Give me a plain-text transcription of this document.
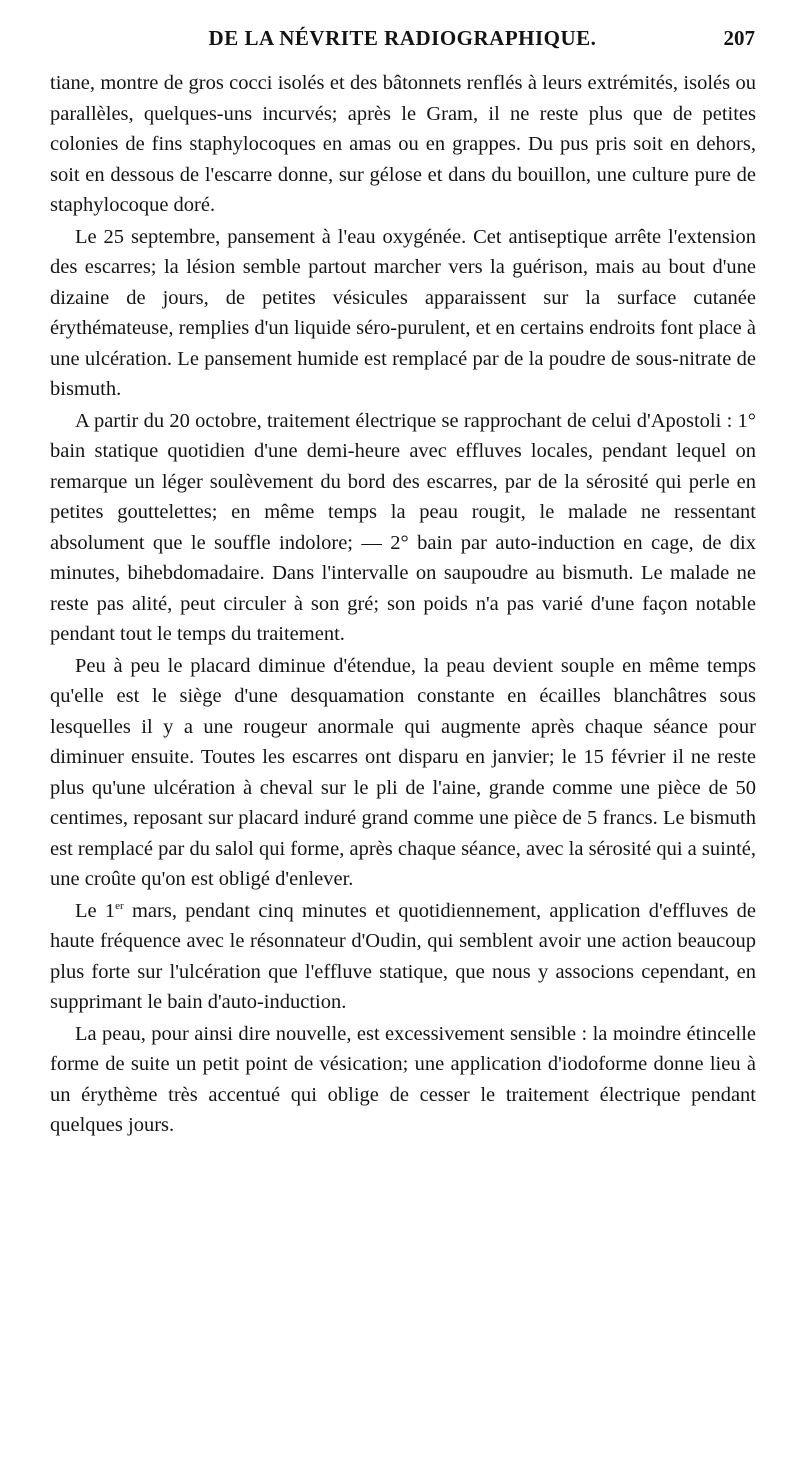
DE LA NÉVRITE RADIOGRAPHIQUE.	207

tiane, montre de gros cocci isolés et des bâtonnets renflés à leurs extrémités, isolés ou parallèles, quelques-uns incurvés; après le Gram, il ne reste plus que de petites colonies de fins staphylocoques en amas ou en grappes. Du pus pris soit en dehors, soit en dessous de l'escarre donne, sur gélose et dans du bouillon, une culture pure de staphylocoque doré.

Le 25 septembre, pansement à l'eau oxygénée. Cet antiseptique arrête l'extension des escarres; la lésion semble partout marcher vers la guérison, mais au bout d'une dizaine de jours, de petites vésicules apparaissent sur la surface cutanée érythémateuse, remplies d'un liquide séro-purulent, et en certains endroits font place à une ulcération. Le pansement humide est remplacé par de la poudre de sous-nitrate de bismuth.

A partir du 20 octobre, traitement électrique se rapprochant de celui d'Apostoli : 1° bain statique quotidien d'une demi-heure avec effluves locales, pendant lequel on remarque un léger soulèvement du bord des escarres, par de la sérosité qui perle en petites gouttelettes; en même temps la peau rougit, le malade ne ressentant absolument que le souffle indolore; — 2° bain par auto-induction en cage, de dix minutes, bihebdomadaire. Dans l'intervalle on saupoudre au bismuth. Le malade ne reste pas alité, peut circuler à son gré; son poids n'a pas varié d'une façon notable pendant tout le temps du traitement.

Peu à peu le placard diminue d'étendue, la peau devient souple en même temps qu'elle est le siège d'une desquamation constante en écailles blanchâtres sous lesquelles il y a une rougeur anormale qui augmente après chaque séance pour diminuer ensuite. Toutes les escarres ont disparu en janvier; le 15 février il ne reste plus qu'une ulcération à cheval sur le pli de l'aine, grande comme une pièce de 50 centimes, reposant sur placard induré grand comme une pièce de 5 francs. Le bismuth est remplacé par du salol qui forme, après chaque séance, avec la sérosité qui a suinté, une croûte qu'on est obligé d'enlever.

Le 1er mars, pendant cinq minutes et quotidiennement, application d'effluves de haute fréquence avec le résonnateur d'Oudin, qui semblent avoir une action beaucoup plus forte sur l'ulcération que l'effluve statique, que nous y associons cependant, en supprimant le bain d'auto-induction.

La peau, pour ainsi dire nouvelle, est excessivement sensible : la moindre étincelle forme de suite un petit point de vésication; une application d'iodoforme donne lieu à un érythème très accentué qui oblige de cesser le traitement électrique pendant quelques jours.
